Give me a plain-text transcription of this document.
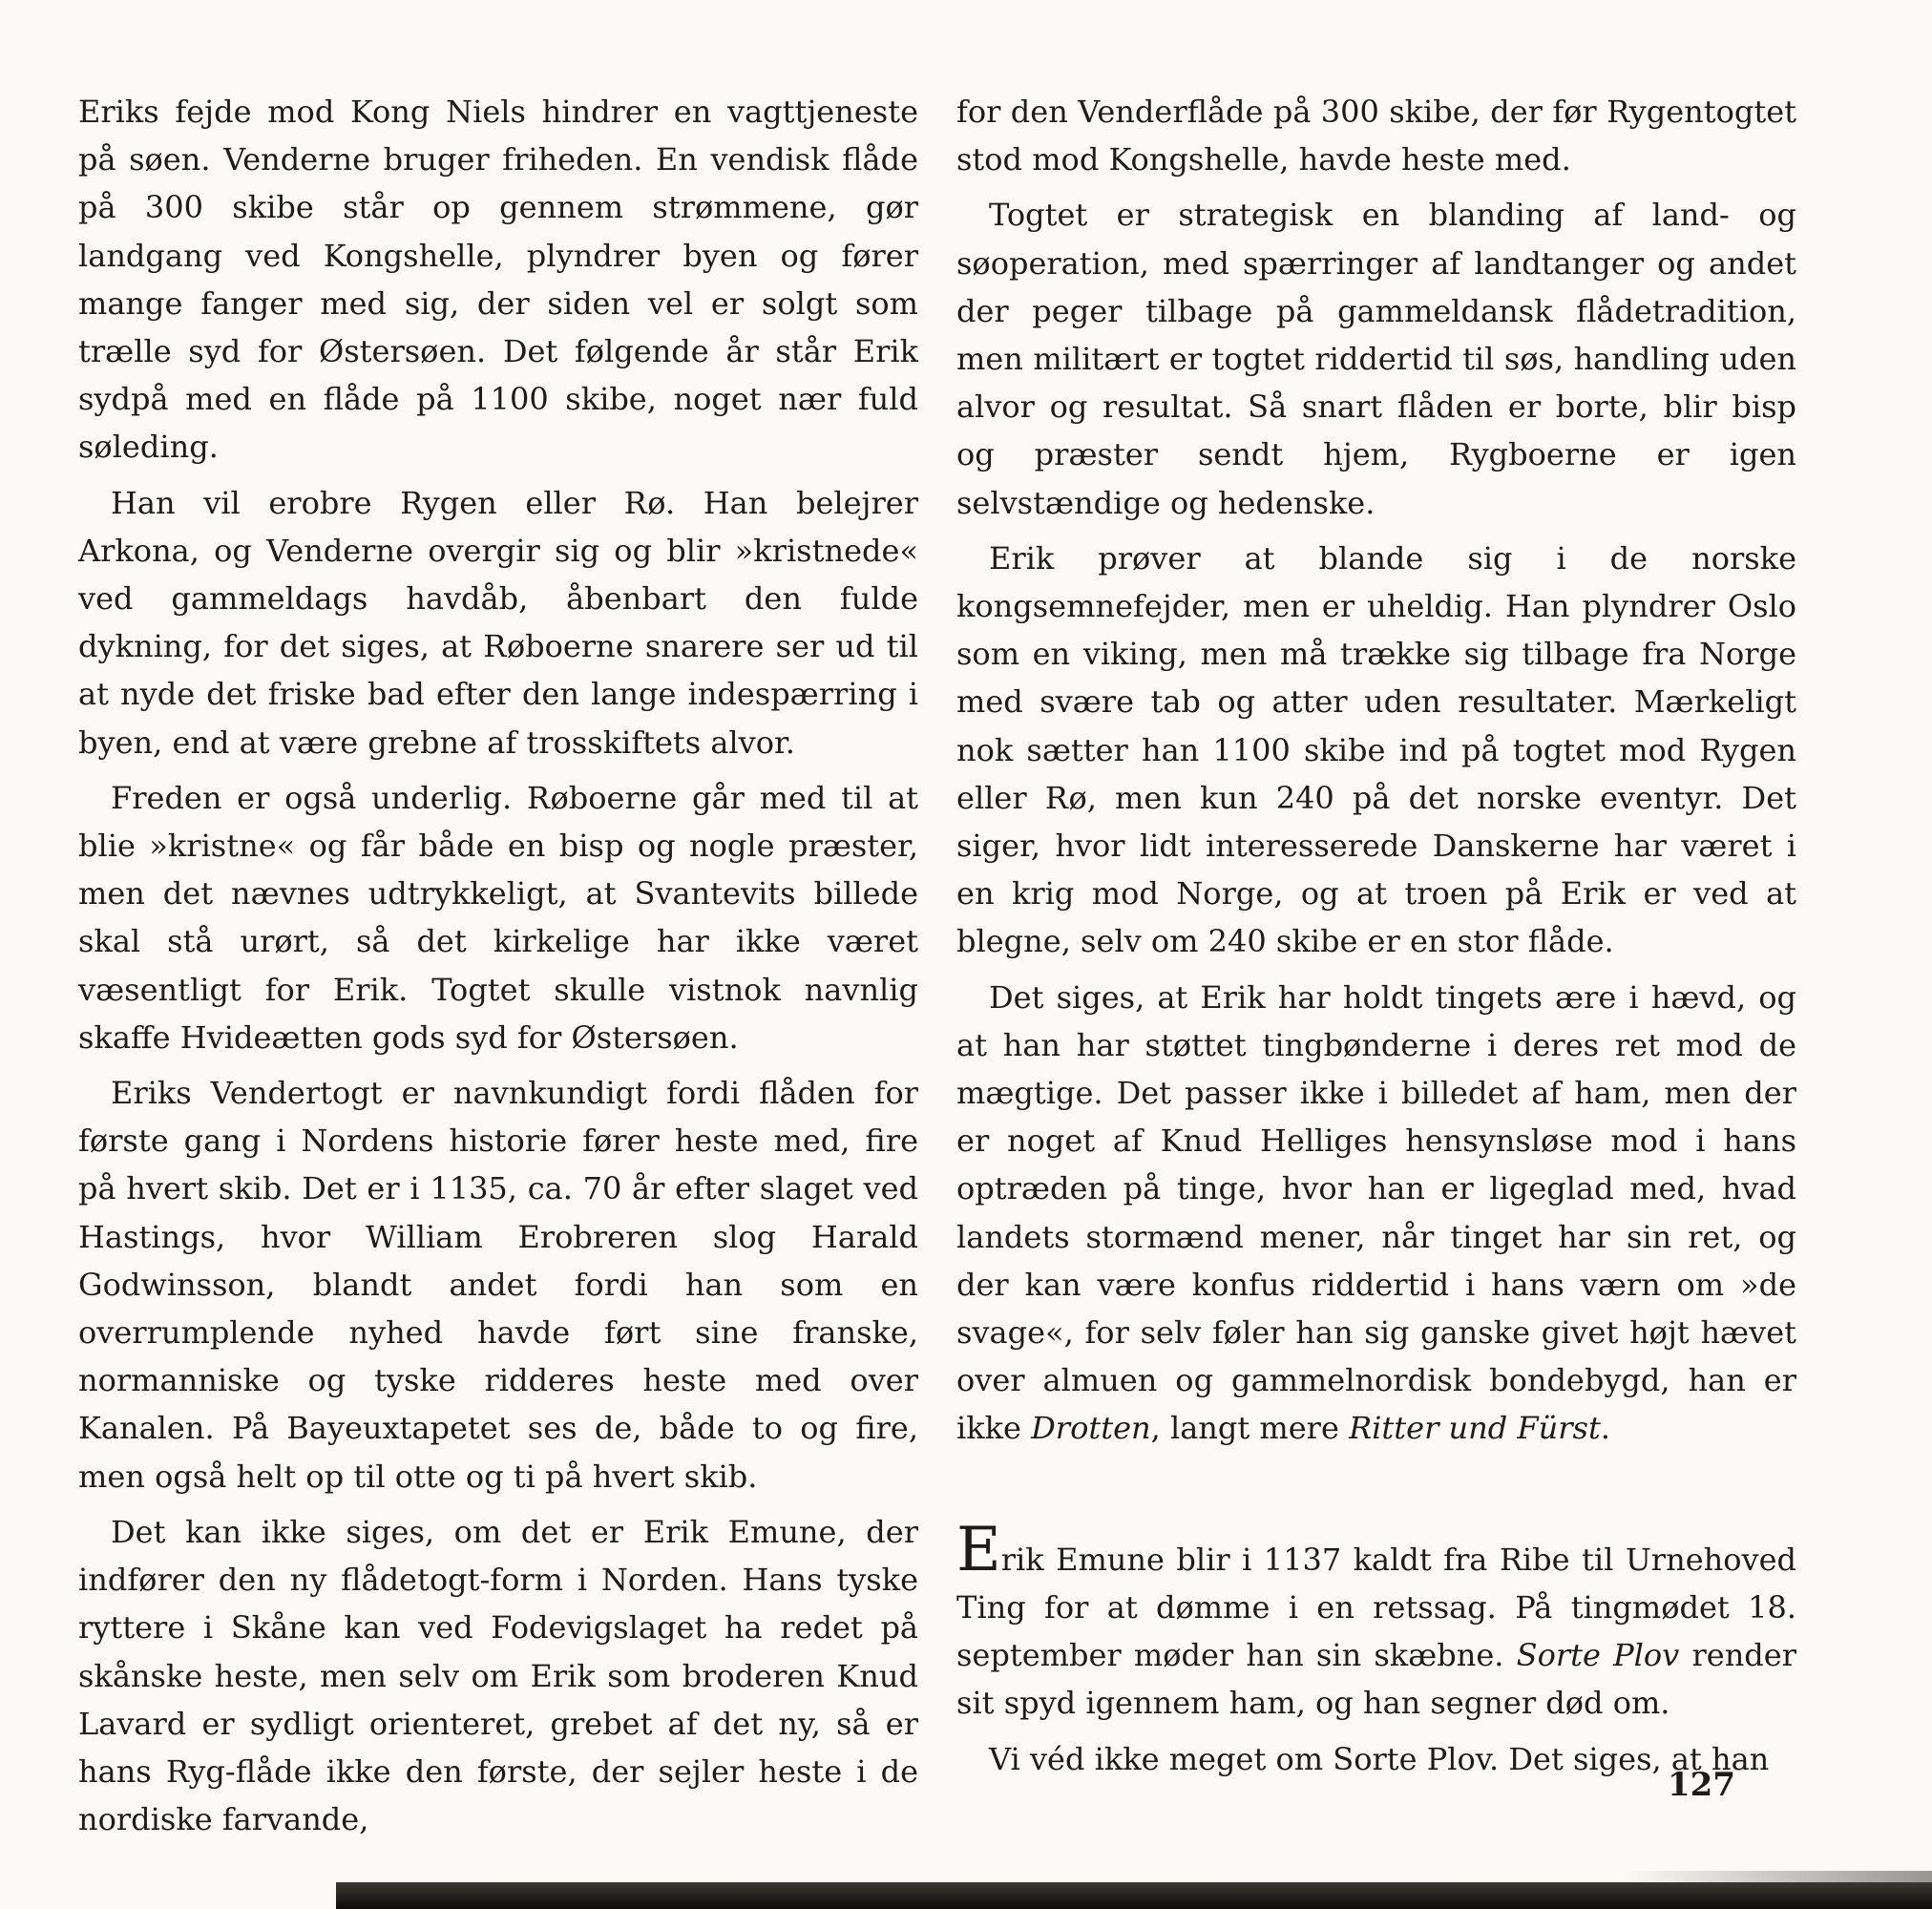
Eriks fejde mod Kong Niels hindrer en vagttjeneste på søen. Venderne bruger friheden. En vendisk flåde på 300 skibe står op gennem strømmene, gør landgang ved Kongshelle, plyndrer byen og fører mange fanger med sig, der siden vel er solgt som trælle syd for Østersøen. Det følgende år står Erik sydpå med en flåde på 1100 skibe, noget nær fuld søleding.

Han vil erobre Rygen eller Rø. Han belejrer Arkona, og Venderne overgir sig og blir »kristnede« ved gammeldags havdåb, åbenbart den fulde dykning, for det siges, at Røboerne snarere ser ud til at nyde det friske bad efter den lange indespærring i byen, end at være grebne af trosskiftets alvor.

Freden er også underlig. Røboerne går med til at blie »kristne« og får både en bisp og nogle præster, men det nævnes udtrykkeligt, at Svantevits billede skal stå urørt, så det kirkelige har ikke været væsentligt for Erik. Togtet skulle vistnok navnlig skaffe Hvideætten gods syd for Østersøen.

Eriks Vendertogt er navnkundigt fordi flåden for første gang i Nordens historie fører heste med, fire på hvert skib. Det er i 1135, ca. 70 år efter slaget ved Hastings, hvor William Erobreren slog Harald Godwinsson, blandt andet fordi han som en overrumplende nyhed havde ført sine franske, normanniske og tyske ridderes heste med over Kanalen. På Bayeuxtapetet ses de, både to og fire, men også helt op til otte og ti på hvert skib.

Det kan ikke siges, om det er Erik Emune, der indfører den ny flådetogt-form i Norden. Hans tyske ryttere i Skåne kan ved Fodevigslaget ha redet på skånske heste, men selv om Erik som broderen Knud Lavard er sydligt orienteret, grebet af det ny, så er hans Ryg-flåde ikke den første, der sejler heste i de nordiske farvande,

for den Venderflåde på 300 skibe, der før Rygentogtet stod mod Kongshelle, havde heste med.

Togtet er strategisk en blanding af land- og søoperation, med spærringer af landtanger og andet der peger tilbage på gammeldansk flådetradition, men militært er togtet riddertid til søs, handling uden alvor og resultat. Så snart flåden er borte, blir bisp og præster sendt hjem, Rygboerne er igen selvstændige og hedenske.

Erik prøver at blande sig i de norske kongsemnefejder, men er uheldig. Han plyndrer Oslo som en viking, men må trække sig tilbage fra Norge med svære tab og atter uden resultater. Mærkeligt nok sætter han 1100 skibe ind på togtet mod Rygen eller Rø, men kun 240 på det norske eventyr. Det siger, hvor lidt interesserede Danskerne har været i en krig mod Norge, og at troen på Erik er ved at blegne, selv om 240 skibe er en stor flåde.

Det siges, at Erik har holdt tingets ære i hævd, og at han har støttet tingbønderne i deres ret mod de mægtige. Det passer ikke i billedet af ham, men der er noget af Knud Helliges hensynsløse mod i hans optræden på tinge, hvor han er ligeglad med, hvad landets stormænd mener, når tinget har sin ret, og der kan være konfus riddertid i hans værn om »de svage«, for selv føler han sig ganske givet højt hævet over almuen og gammelnordisk bondebygd, han er ikke Drotten, langt mere Ritter und Fürst.

Erik Emune blir i 1137 kaldt fra Ribe til Urnehoved Ting for at dømme i en retssag. På tingmødet 18. september møder han sin skæbne. Sorte Plov render sit spyd igennem ham, og han segner død om.

Vi véd ikke meget om Sorte Plov. Det siges, at han

127
